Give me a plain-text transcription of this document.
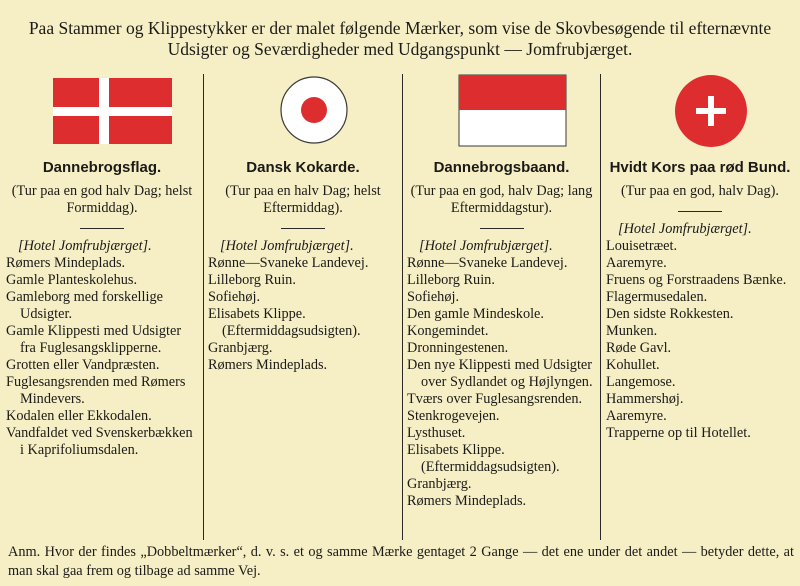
Paa Stammer og Klippestykker er der malet følgende Mærker, som vise de Skovbesøgende til efternævnte Udsigter og Seværdigheder med Udgangspunkt — Jomfrubjærget.
Dannebrogsflag.

(Tur paa en god halv Dag; helst Formiddag).

[Hotel Jomfrubjærget].
Rømers Mindeplads.
Gamle Planteskolehus.
Gamleborg med forskellige Udsigter.
Gamle Klippesti med Udsigter fra Fuglesangsklipperne.
Grotten eller Vandpræsten.
Fuglesangsrenden med Rømers Mindevers.
Kodalen eller Ekkodalen.
Vandfaldet ved Svenskerbækken i Kaprifoliumsdalen.
Dansk Kokarde.

(Tur paa en halv Dag; helst Eftermiddag).

[Hotel Jomfrubjærget].
Rønne—Svaneke Landevej.
Lilleborg Ruin.
Sofiehøj.
Elisabets Klippe. (Eftermiddagsudsigten).
Granbjærg.
Rømers Mindeplads.
Dannebrogsbaand.

(Tur paa en god, halv Dag; lang Eftermiddagstur).

[Hotel Jomfrubjærget].
Rønne—Svaneke Landevej.
Lilleborg Ruin.
Sofiehøj.
Den gamle Mindeskole.
Kongemindet.
Dronningestenen.
Den nye Klippesti med Udsigter over Sydlandet og Højlyngen.
Tværs over Fuglesangsrenden.
Stenkrogevejen.
Lysthuset.
Elisabets Klippe. (Eftermiddagsudsigten).
Granbjærg.
Rømers Mindeplads.
Hvidt Kors paa rød Bund.

(Tur paa en god, halv Dag).

[Hotel Jomfrubjærget].
Louisetræet.
Aaremyre.
Fruens og Forstraadens Bænke.
Flagermusedalen.
Den sidste Rokkesten.
Munken.
Røde Gavl.
Kohullet.
Langemose.
Hammershøj.
Aaremyre.
Trapperne op til Hotellet.
Anm. Hvor der findes „Dobbeltmærker“, d. v. s. et og samme Mærke gentaget 2 Gange — det ene under det andet — betyder dette, at man skal gaa frem og tilbage ad samme Vej.
